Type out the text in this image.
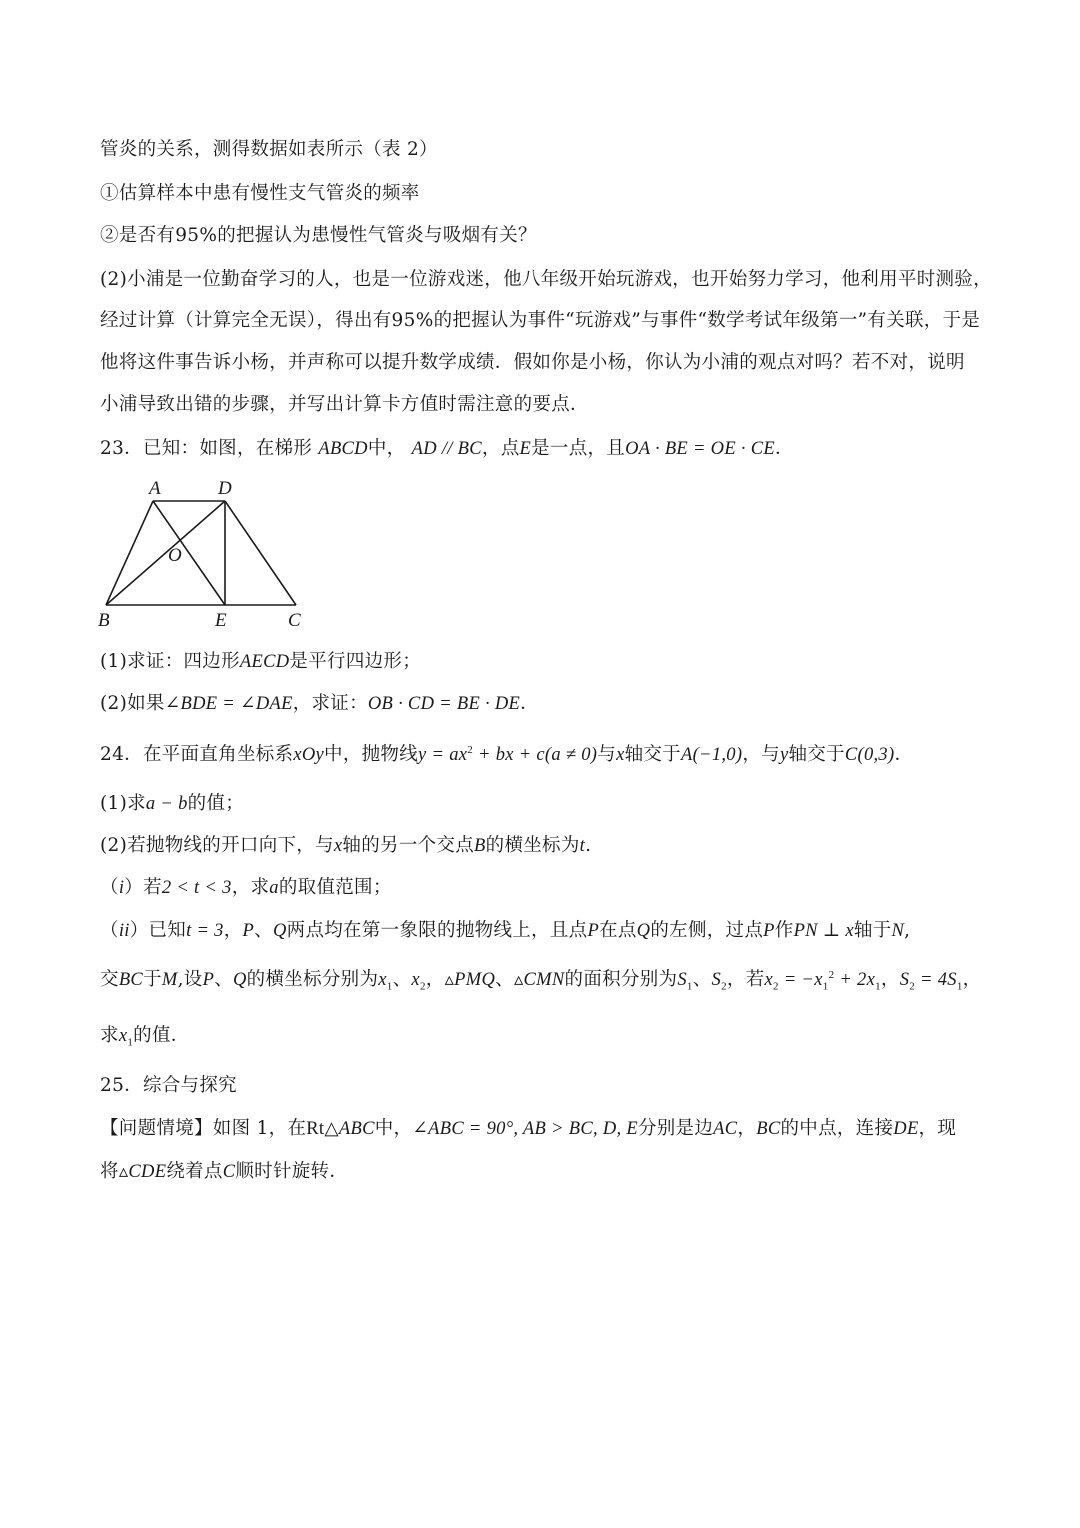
管炎的关系，测得数据如表所示（表 2）
①估算样本中患有慢性支气管炎的频率
②是否有95%的把握认为患慢性气管炎与吸烟有关？
(2)小浦是一位勤奋学习的人，也是一位游戏迷，他八年级开始玩游戏，也开始努力学习，他利用平时测验，
经过计算（计算完全无误），得出有95%的把握认为事件“玩游戏”与事件“数学考试年级第一”有关联，于是
他将这件事告诉小杨，并声称可以提升数学成绩．假如你是小杨，你认为小浦的观点对吗？若不对，说明
小浦导致出错的步骤，并写出计算卡方值时需注意的要点．
23．已知：如图，在梯形 ABCD中， AD // BC，点E是一点，且OA · BE = OE · CE．
A	D
O
B	E	C
(1)求证：四边形AECD是平行四边形；
(2)如果∠BDE = ∠DAE，求证：OB · CD = BE · DE．
24．在平面直角坐标系xOy中，抛物线$y = ax^2$ + bx + c(a ≠ 0)与x轴交于A(−1,0)，与y轴交于C(0,3)．
(1)求a − b的值；
(2)若抛物线的开口向下，与x轴的另一个交点B的横坐标为t.
（i）若2 < t < 3，求a的取值范围；
（ii）已知t = 3，P、Q两点均在第一象限的抛物线上，且点P在点Q的左侧，过点P作PN ⊥ x轴于N,
交BC于M,设P、Q的横坐标分别为$x_1$、$x_2$，▵PMQ、▵CMN的面积分别为$S_1$、$S_2$，若$x_2 = -x_1^2 + 2x_1$，$S_2 = 4S_1$，
求$x_1$的值．
25．综合与探究
【问题情境】如图 1，在Rt△ABC中，∠ABC = 90°, AB > BC, D, E分别是边AC，BC的中点，连接DE，现
将▵CDE绕着点C顺时针旋转．
